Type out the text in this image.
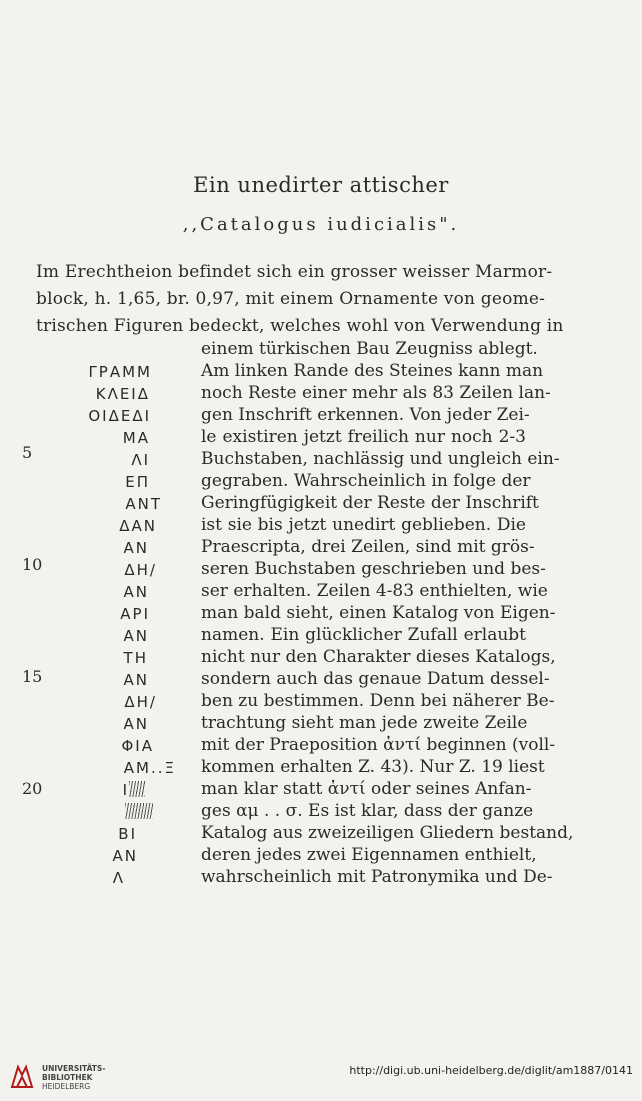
Ein unedirter attischer
,,Catalogus iudicialis".
Im Erechtheion befindet sich ein grosser weisser Marmor-
block, h. 1,65, br. 0,97, mit einem Ornamente von geome-
trischen Figuren bedeckt, welches wohl von Verwendung in
einem türkischen Bau Zeugniss ablegt.
Am linken Rande des Steines kann man
noch Reste einer mehr als 83 Zeilen lan-
gen Inschrift erkennen. Von jeder Zei-
le existiren jetzt freilich nur noch 2-3
Buchstaben, nachlässig und ungleich ein-
gegraben. Wahrscheinlich in folge der
Geringfügigkeit der Reste der Inschrift
ist sie bis jetzt unedirt geblieben. Die
Praescripta, drei Zeilen, sind mit grös-
seren Buchstaben geschrieben und bes-
ser erhalten. Zeilen 4-83 enthielten, wie
man bald sieht, einen Katalog von Eigen-
namen. Ein glücklicher Zufall erlaubt
nicht nur den Charakter dieses Katalogs,
sondern auch das genaue Datum dessel-
ben zu bestimmen. Denn bei näherer Be-
trachtung sieht man jede zweite Zeile
mit der Praeposition ἀντί beginnen (voll-
kommen erhalten Z. 43). Nur Z. 19 liest
man klar statt ἀντί oder seines Anfan-
ges αμ . . σ. Es ist klar, dass der ganze
Katalog aus zweizeiligen Gliedern bestand,
deren jedes zwei Eigennamen enthielt,
wahrscheinlich mit Patronymika und De-
ΓΡΑΜΜ
ΚΛΕΙΔ
ΟΙΔΕΔΙ
ΜΑ
ΛΙ
ΕΠ
ΑΝΤ
ΔΑΝ
ΑΝ
ΔΗ/
ΑΝ
ΑΡΙ
ΑΝ
ΤΗ
ΑΝ
ΔΗ/
ΑΝ
ΦΙΑ
ΑΜ..Ξ
I
ΒΙ
ΑΝ
Λ
5
10
15
20
UNIVERSITÄTS-
BIBLIOTHEK
HEIDELBERG
http://digi.ub.uni-heidelberg.de/diglit/am1887/0141
